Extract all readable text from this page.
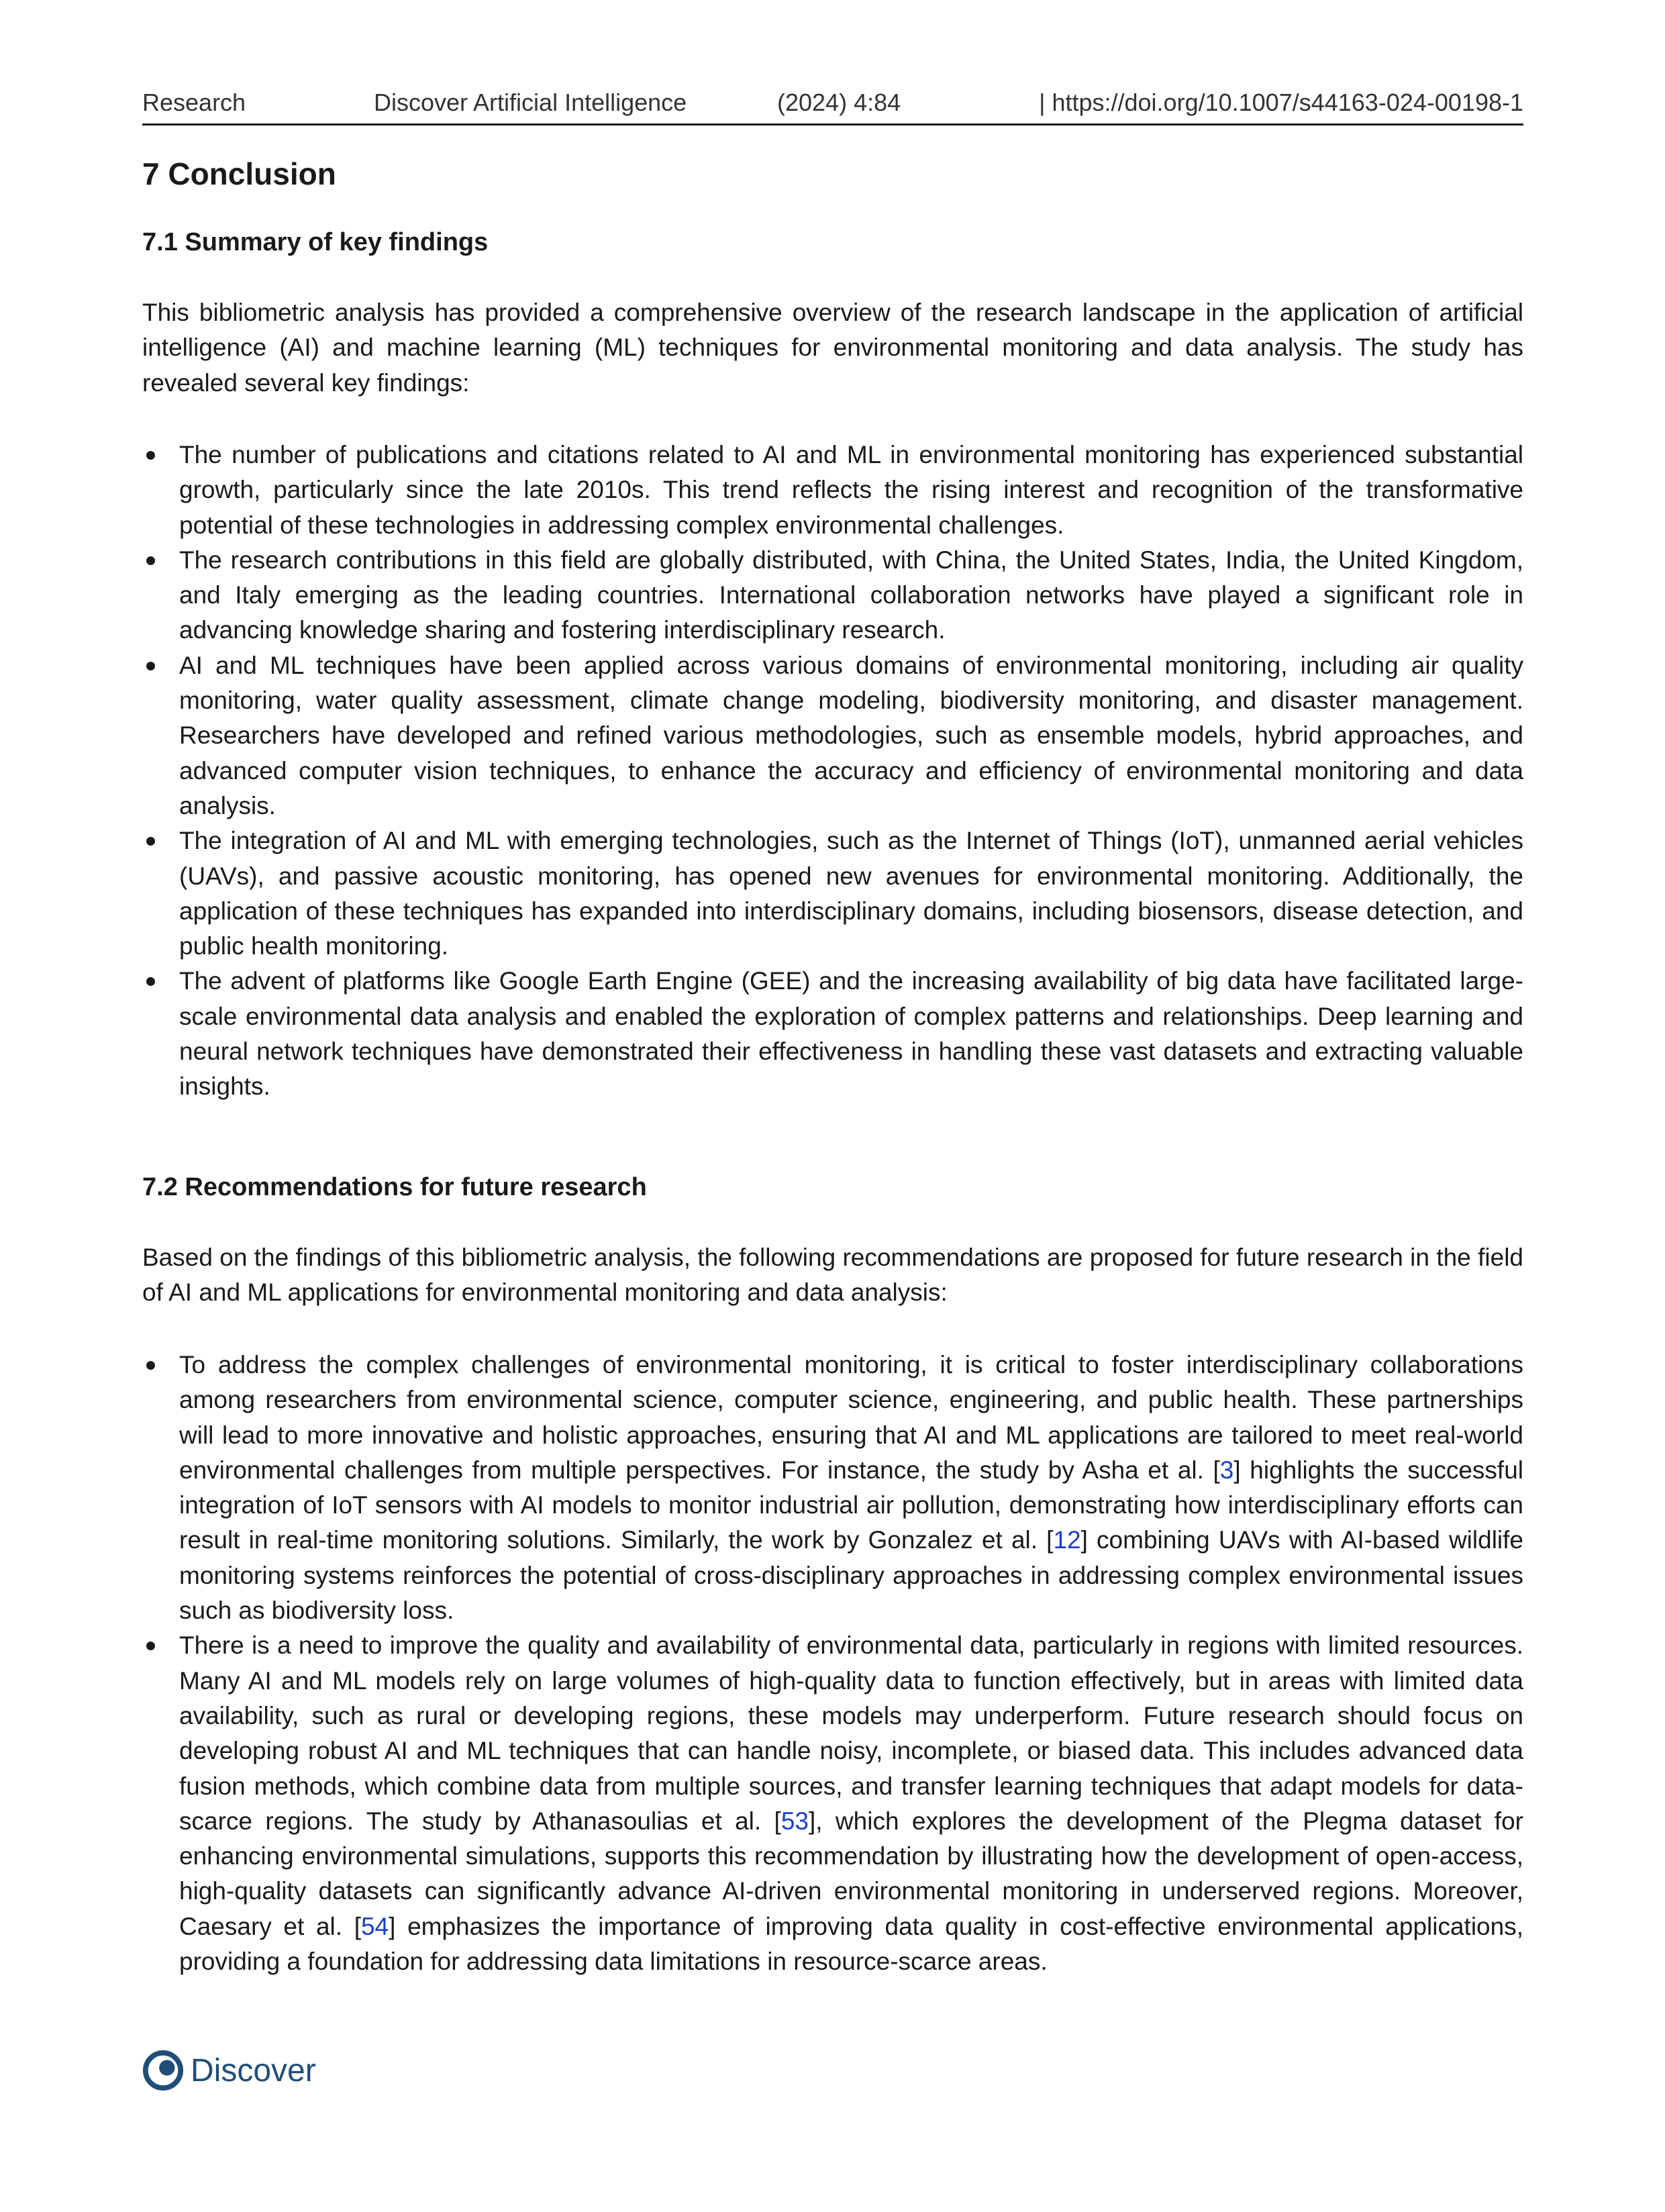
Research	Discover Artificial Intelligence	(2024) 4:84	| https://doi.org/10.1007/s44163-024-00198-1
7 Conclusion
7.1 Summary of key findings

This bibliometric analysis has provided a comprehensive overview of the research landscape in the application of artificial intelligence (AI) and machine learning (ML) techniques for environmental monitoring and data analysis. The study has revealed several key findings:

The number of publications and citations related to AI and ML in environmental monitoring has experienced substantial growth, particularly since the late 2010s. This trend reflects the rising interest and recognition of the transformative potential of these technologies in addressing complex environmental challenges.
The research contributions in this field are globally distributed, with China, the United States, India, the United Kingdom, and Italy emerging as the leading countries. International collaboration networks have played a significant role in advancing knowledge sharing and fostering interdisciplinary research.
AI and ML techniques have been applied across various domains of environmental monitoring, including air quality monitoring, water quality assessment, climate change modeling, biodiversity monitoring, and disaster management. Researchers have developed and refined various methodologies, such as ensemble models, hybrid approaches, and advanced computer vision techniques, to enhance the accuracy and efficiency of environmental monitoring and data analysis.
The integration of AI and ML with emerging technologies, such as the Internet of Things (IoT), unmanned aerial vehicles (UAVs), and passive acoustic monitoring, has opened new avenues for environmental monitoring. Additionally, the application of these techniques has expanded into interdisciplinary domains, including biosensors, disease detection, and public health monitoring.
The advent of platforms like Google Earth Engine (GEE) and the increasing availability of big data have facilitated large-scale environmental data analysis and enabled the exploration of complex patterns and relationships. Deep learning and neural network techniques have demonstrated their effectiveness in handling these vast datasets and extracting valuable insights.
7.2 Recommendations for future research

Based on the findings of this bibliometric analysis, the following recommendations are proposed for future research in the field of AI and ML applications for environmental monitoring and data analysis:

To address the complex challenges of environmental monitoring, it is critical to foster interdisciplinary collaborations among researchers from environmental science, computer science, engineering, and public health. These partnerships will lead to more innovative and holistic approaches, ensuring that AI and ML applications are tailored to meet real-world environmental challenges from multiple perspectives. For instance, the study by Asha et al. [3] highlights the successful integration of IoT sensors with AI models to monitor industrial air pollution, demonstrating how interdisciplinary efforts can result in real-time monitoring solutions. Similarly, the work by Gonzalez et al. [12] combining UAVs with AI-based wildlife monitoring systems reinforces the potential of cross-disciplinary approaches in addressing complex environmental issues such as biodiversity loss.
There is a need to improve the quality and availability of environmental data, particularly in regions with limited resources. Many AI and ML models rely on large volumes of high-quality data to function effectively, but in areas with limited data availability, such as rural or developing regions, these models may underperform. Future research should focus on developing robust AI and ML techniques that can handle noisy, incomplete, or biased data. This includes advanced data fusion methods, which combine data from multiple sources, and transfer learning techniques that adapt models for data-scarce regions. The study by Athanasoulias et al. [53], which explores the development of the Plegma dataset for enhancing environmental simulations, supports this recommendation by illustrating how the development of open-access, high-quality datasets can significantly advance AI-driven environmental monitoring in underserved regions. Moreover, Caesary et al. [54] emphasizes the importance of improving data quality in cost-effective environmental applications, providing a foundation for addressing data limitations in resource-scarce areas.
Discover
